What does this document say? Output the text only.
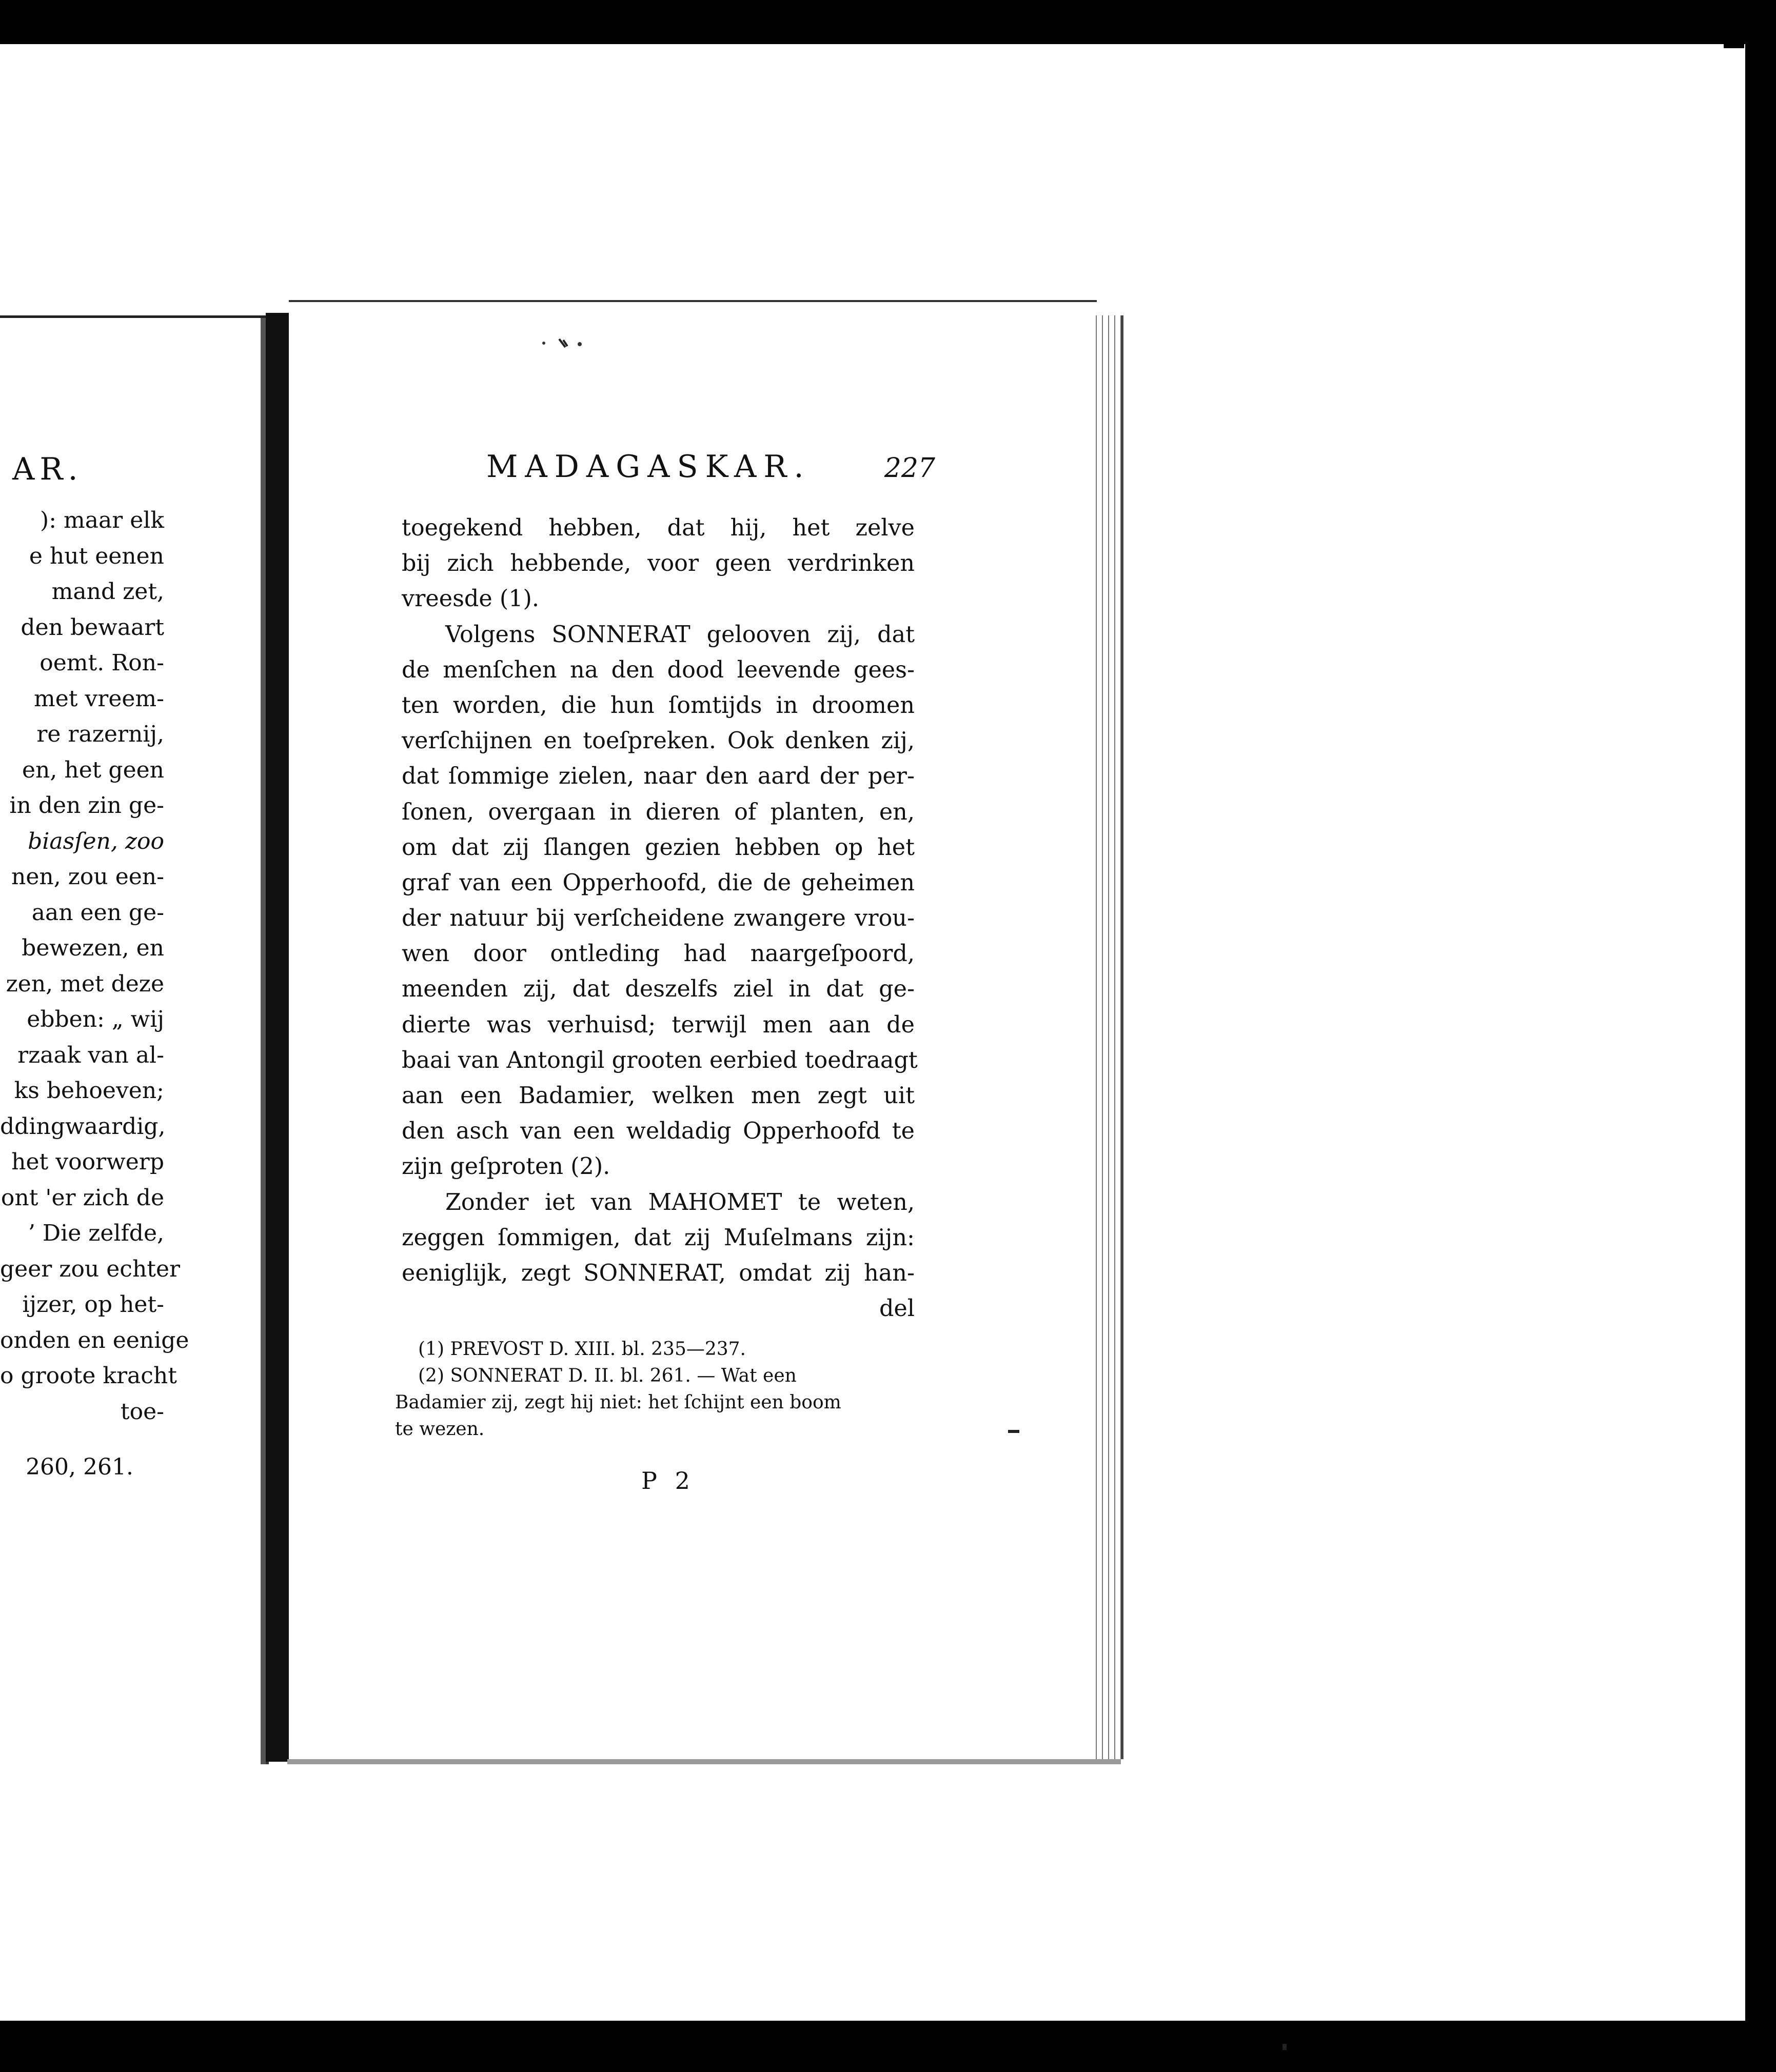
AR.
): maar elk
e hut eenen
mand zet,
den bewaart
oemt. Ron-
met vreem-
re razernij,
en, het geen
in den zin ge-
biasſen, zoo
nen, zou een-
aan een ge-
bewezen, en
zen, met deze
ebben: „ wij
rzaak van al-
ks behoeven;
ddingwaardig,
het voorwerp
ont 'er zich de
’ Die zelfde,
geer zou echter
ijzer, op het-
onden en eenige
o groote kracht
toe-
260, 261.
MADAGASKAR.	227
toegekend hebben, dat hij, het zelve
bij zich hebbende, voor geen verdrinken
vreesde (1).
Volgens SONNERAT gelooven zij, dat
de menſchen na den dood leevende gees-
ten worden, die hun ſomtijds in droomen
verſchijnen en toeſpreken. Ook denken zij,
dat ſommige zielen, naar den aard der per-
ſonen, overgaan in dieren of planten, en,
om dat zij ſlangen gezien hebben op het
graf van een Opperhoofd, die de geheimen
der natuur bij verſcheidene zwangere vrou-
wen door ontleding had naargeſpoord,
meenden zij, dat deszelfs ziel in dat ge-
dierte was verhuisd; terwijl men aan de
baai van Antongil grooten eerbied toedraagt
aan een Badamier, welken men zegt uit
den asch van een weldadig Opperhoofd te
zijn geſproten (2).
Zonder iet van MAHOMET te weten,
zeggen ſommigen, dat zij Muſelmans zijn:
eeniglijk, zegt SONNERAT, omdat zij han-
del
(1) PREVOST D. XIII. bl. 235—237.
(2) SONNERAT D. II. bl. 261. — Wat een
Badamier zij, zegt hij niet: het ſchijnt een boom
te wezen.
P 2
